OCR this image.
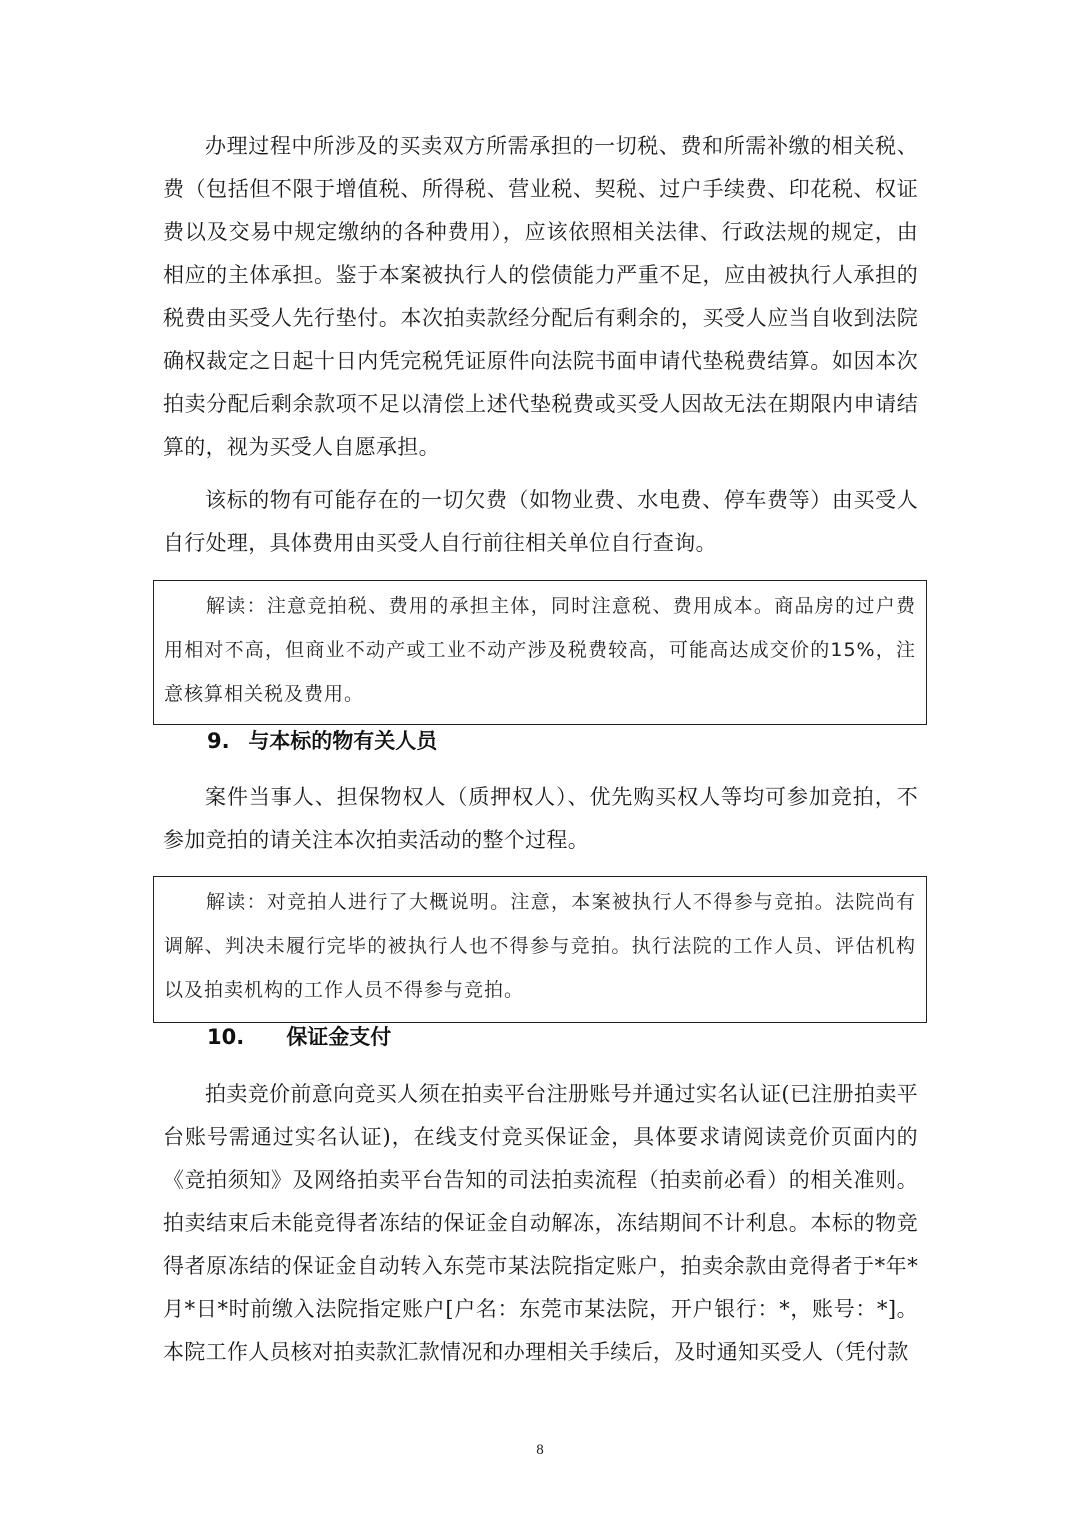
办理过程中所涉及的买卖双方所需承担的一切税、费和所需补缴的相关税、费（包括但不限于增值税、所得税、营业税、契税、过户手续费、印花税、权证费以及交易中规定缴纳的各种费用），应该依照相关法律、行政法规的规定，由相应的主体承担。鉴于本案被执行人的偿债能力严重不足，应由被执行人承担的税费由买受人先行垫付。本次拍卖款经分配后有剩余的，买受人应当自收到法院确权裁定之日起十日内凭完税凭证原件向法院书面申请代垫税费结算。如因本次拍卖分配后剩余款项不足以清偿上述代垫税费或买受人因故无法在期限内申请结算的，视为买受人自愿承担。

该标的物有可能存在的一切欠费（如物业费、水电费、停车费等）由买受人自行处理，具体费用由买受人自行前往相关单位自行查询。

解读：注意竞拍税、费用的承担主体，同时注意税、费用成本。商品房的过户费用相对不高，但商业不动产或工业不动产涉及税费较高，可能高达成交价的15%，注意核算相关税及费用。

9. 与本标的物有关人员

案件当事人、担保物权人（质押权人）、优先购买权人等均可参加竞拍，不参加竞拍的请关注本次拍卖活动的整个过程。

解读：对竞拍人进行了大概说明。注意，本案被执行人不得参与竞拍。法院尚有调解、判决未履行完毕的被执行人也不得参与竞拍。执行法院的工作人员、评估机构以及拍卖机构的工作人员不得参与竞拍。

10. 保证金支付

拍卖竞价前意向竞买人须在拍卖平台注册账号并通过实名认证(已注册拍卖平台账号需通过实名认证)，在线支付竞买保证金，具体要求请阅读竞价页面内的《竞拍须知》及网络拍卖平台告知的司法拍卖流程（拍卖前必看）的相关准则。拍卖结束后未能竞得者冻结的保证金自动解冻，冻结期间不计利息。本标的物竞得者原冻结的保证金自动转入东莞市某法院指定账户，拍卖余款由竞得者于*年*月*日*时前缴入法院指定账户[户名：东莞市某法院，开户银行：*，账号：*]。本院工作人员核对拍卖款汇款情况和办理相关手续后，及时通知买受人（凭付款

8
